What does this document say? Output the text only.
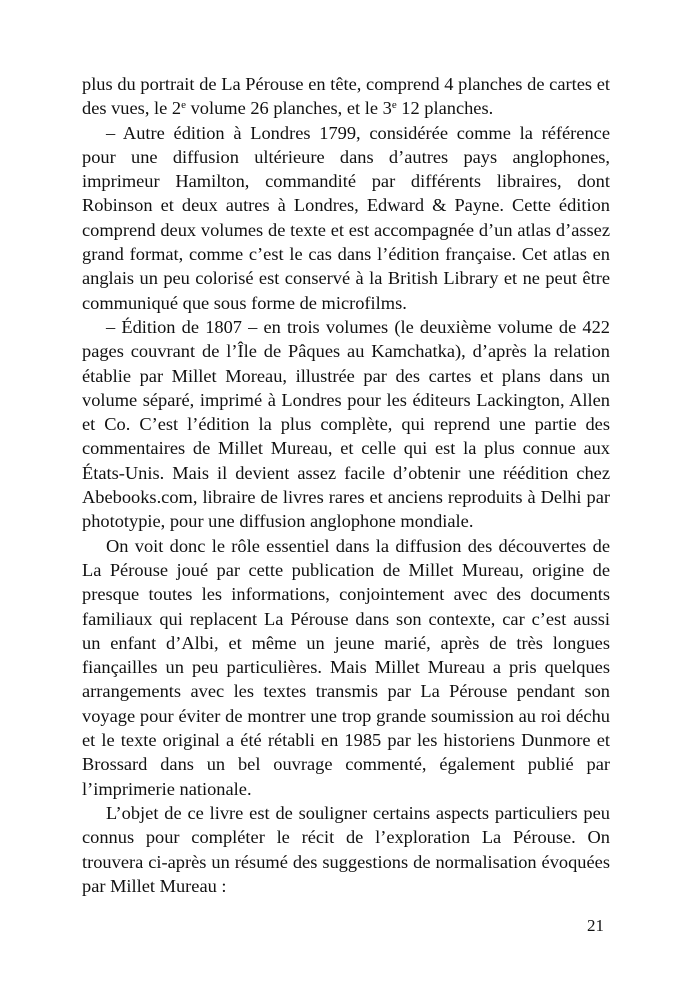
plus du portrait de La Pérouse en tête, comprend 4 planches de cartes et des vues, le 2e volume 26 planches, et le 3e 12 planches.

– Autre édition à Londres 1799, considérée comme la référence pour une diffusion ultérieure dans d’autres pays anglophones, imprimeur Hamilton, commandité par différents libraires, dont Robinson et deux autres à Londres, Edward & Payne. Cette édition comprend deux volumes de texte et est accompagnée d’un atlas d’assez grand format, comme c’est le cas dans l’édition française. Cet atlas en anglais un peu colorisé est conservé à la British Library et ne peut être communiqué que sous forme de microfilms.

– Édition de 1807 – en trois volumes (le deuxième volume de 422 pages couvrant de l’Île de Pâques au Kamchatka), d’après la relation établie par Millet Moreau, illustrée par des cartes et plans dans un volume séparé, imprimé à Londres pour les éditeurs Lackington, Allen et Co. C’est l’édition la plus complète, qui reprend une partie des commentaires de Millet Mureau, et celle qui est la plus connue aux États-Unis. Mais il devient assez facile d’obtenir une réédition chez Abebooks.com, libraire de livres rares et anciens reproduits à Delhi par phototypie, pour une diffusion anglophone mondiale.

On voit donc le rôle essentiel dans la diffusion des découvertes de La Pérouse joué par cette publication de Millet Mureau, origine de presque toutes les informations, conjointement avec des documents familiaux qui replacent La Pérouse dans son contexte, car c’est aussi un enfant d’Albi, et même un jeune marié, après de très longues fiançailles un peu particulières. Mais Millet Mureau a pris quelques arrangements avec les textes transmis par La Pérouse pendant son voyage pour éviter de montrer une trop grande soumission au roi déchu et le texte original a été rétabli en 1985 par les historiens Dunmore et Brossard dans un bel ouvrage commenté, également publié par l’imprimerie nationale.

L’objet de ce livre est de souligner certains aspects particuliers peu connus pour compléter le récit de l’exploration La Pérouse. On trouvera ci-après un résumé des suggestions de normalisation évoquées par Millet Mureau :

21
